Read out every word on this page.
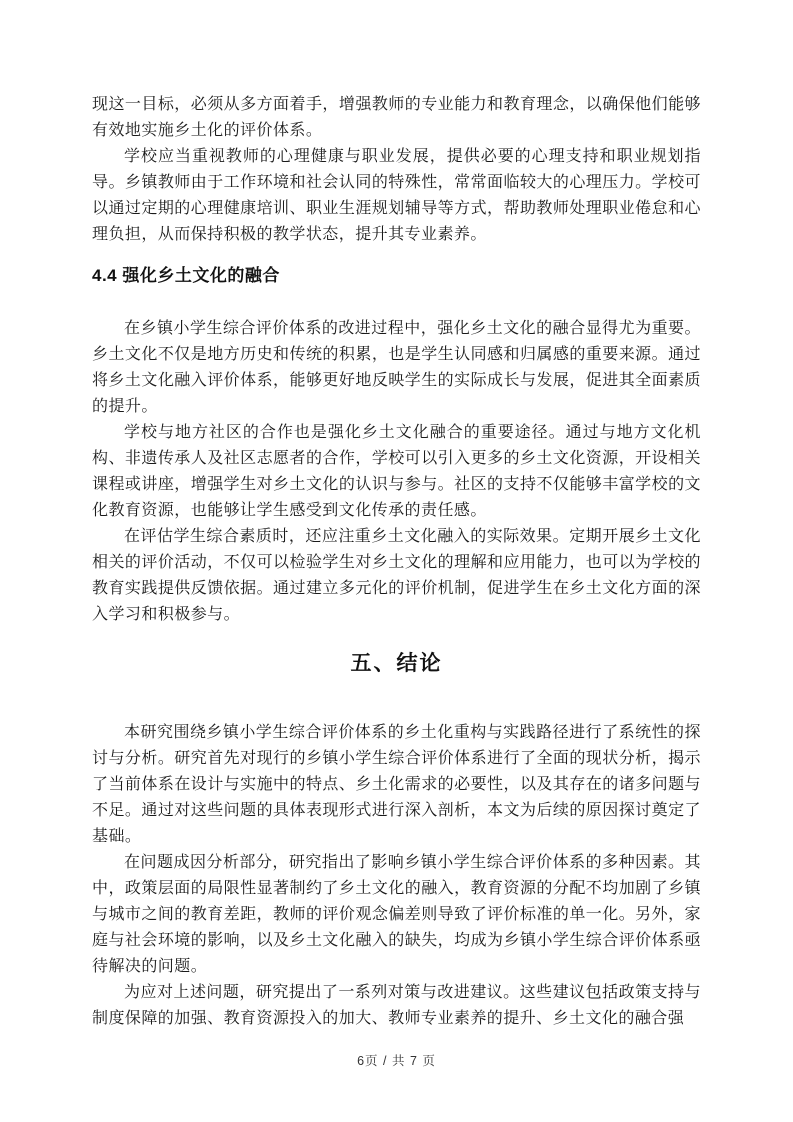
现这一目标，必须从多方面着手，增强教师的专业能力和教育理念，以确保他们能够有效地实施乡土化的评价体系。

学校应当重视教师的心理健康与职业发展，提供必要的心理支持和职业规划指导。乡镇教师由于工作环境和社会认同的特殊性，常常面临较大的心理压力。学校可以通过定期的心理健康培训、职业生涯规划辅导等方式，帮助教师处理职业倦怠和心理负担，从而保持积极的教学状态，提升其专业素养。

4.4 强化乡土文化的融合

在乡镇小学生综合评价体系的改进过程中，强化乡土文化的融合显得尤为重要。乡土文化不仅是地方历史和传统的积累，也是学生认同感和归属感的重要来源。通过将乡土文化融入评价体系，能够更好地反映学生的实际成长与发展，促进其全面素质的提升。

学校与地方社区的合作也是强化乡土文化融合的重要途径。通过与地方文化机构、非遗传承人及社区志愿者的合作，学校可以引入更多的乡土文化资源，开设相关课程或讲座，增强学生对乡土文化的认识与参与。社区的支持不仅能够丰富学校的文化教育资源，也能够让学生感受到文化传承的责任感。

在评估学生综合素质时，还应注重乡土文化融入的实际效果。定期开展乡土文化相关的评价活动，不仅可以检验学生对乡土文化的理解和应用能力，也可以为学校的教育实践提供反馈依据。通过建立多元化的评价机制，促进学生在乡土文化方面的深入学习和积极参与。

五、结论

本研究围绕乡镇小学生综合评价体系的乡土化重构与实践路径进行了系统性的探讨与分析。研究首先对现行的乡镇小学生综合评价体系进行了全面的现状分析，揭示了当前体系在设计与实施中的特点、乡土化需求的必要性，以及其存在的诸多问题与不足。通过对这些问题的具体表现形式进行深入剖析，本文为后续的原因探讨奠定了基础。

在问题成因分析部分，研究指出了影响乡镇小学生综合评价体系的多种因素。其中，政策层面的局限性显著制约了乡土文化的融入，教育资源的分配不均加剧了乡镇与城市之间的教育差距，教师的评价观念偏差则导致了评价标准的单一化。另外，家庭与社会环境的影响，以及乡土文化融入的缺失，均成为乡镇小学生综合评价体系亟待解决的问题。

为应对上述问题，研究提出了一系列对策与改进建议。这些建议包括政策支持与制度保障的加强、教育资源投入的加大、教师专业素养的提升、乡土文化的融合强

6页 / 共 7 页
